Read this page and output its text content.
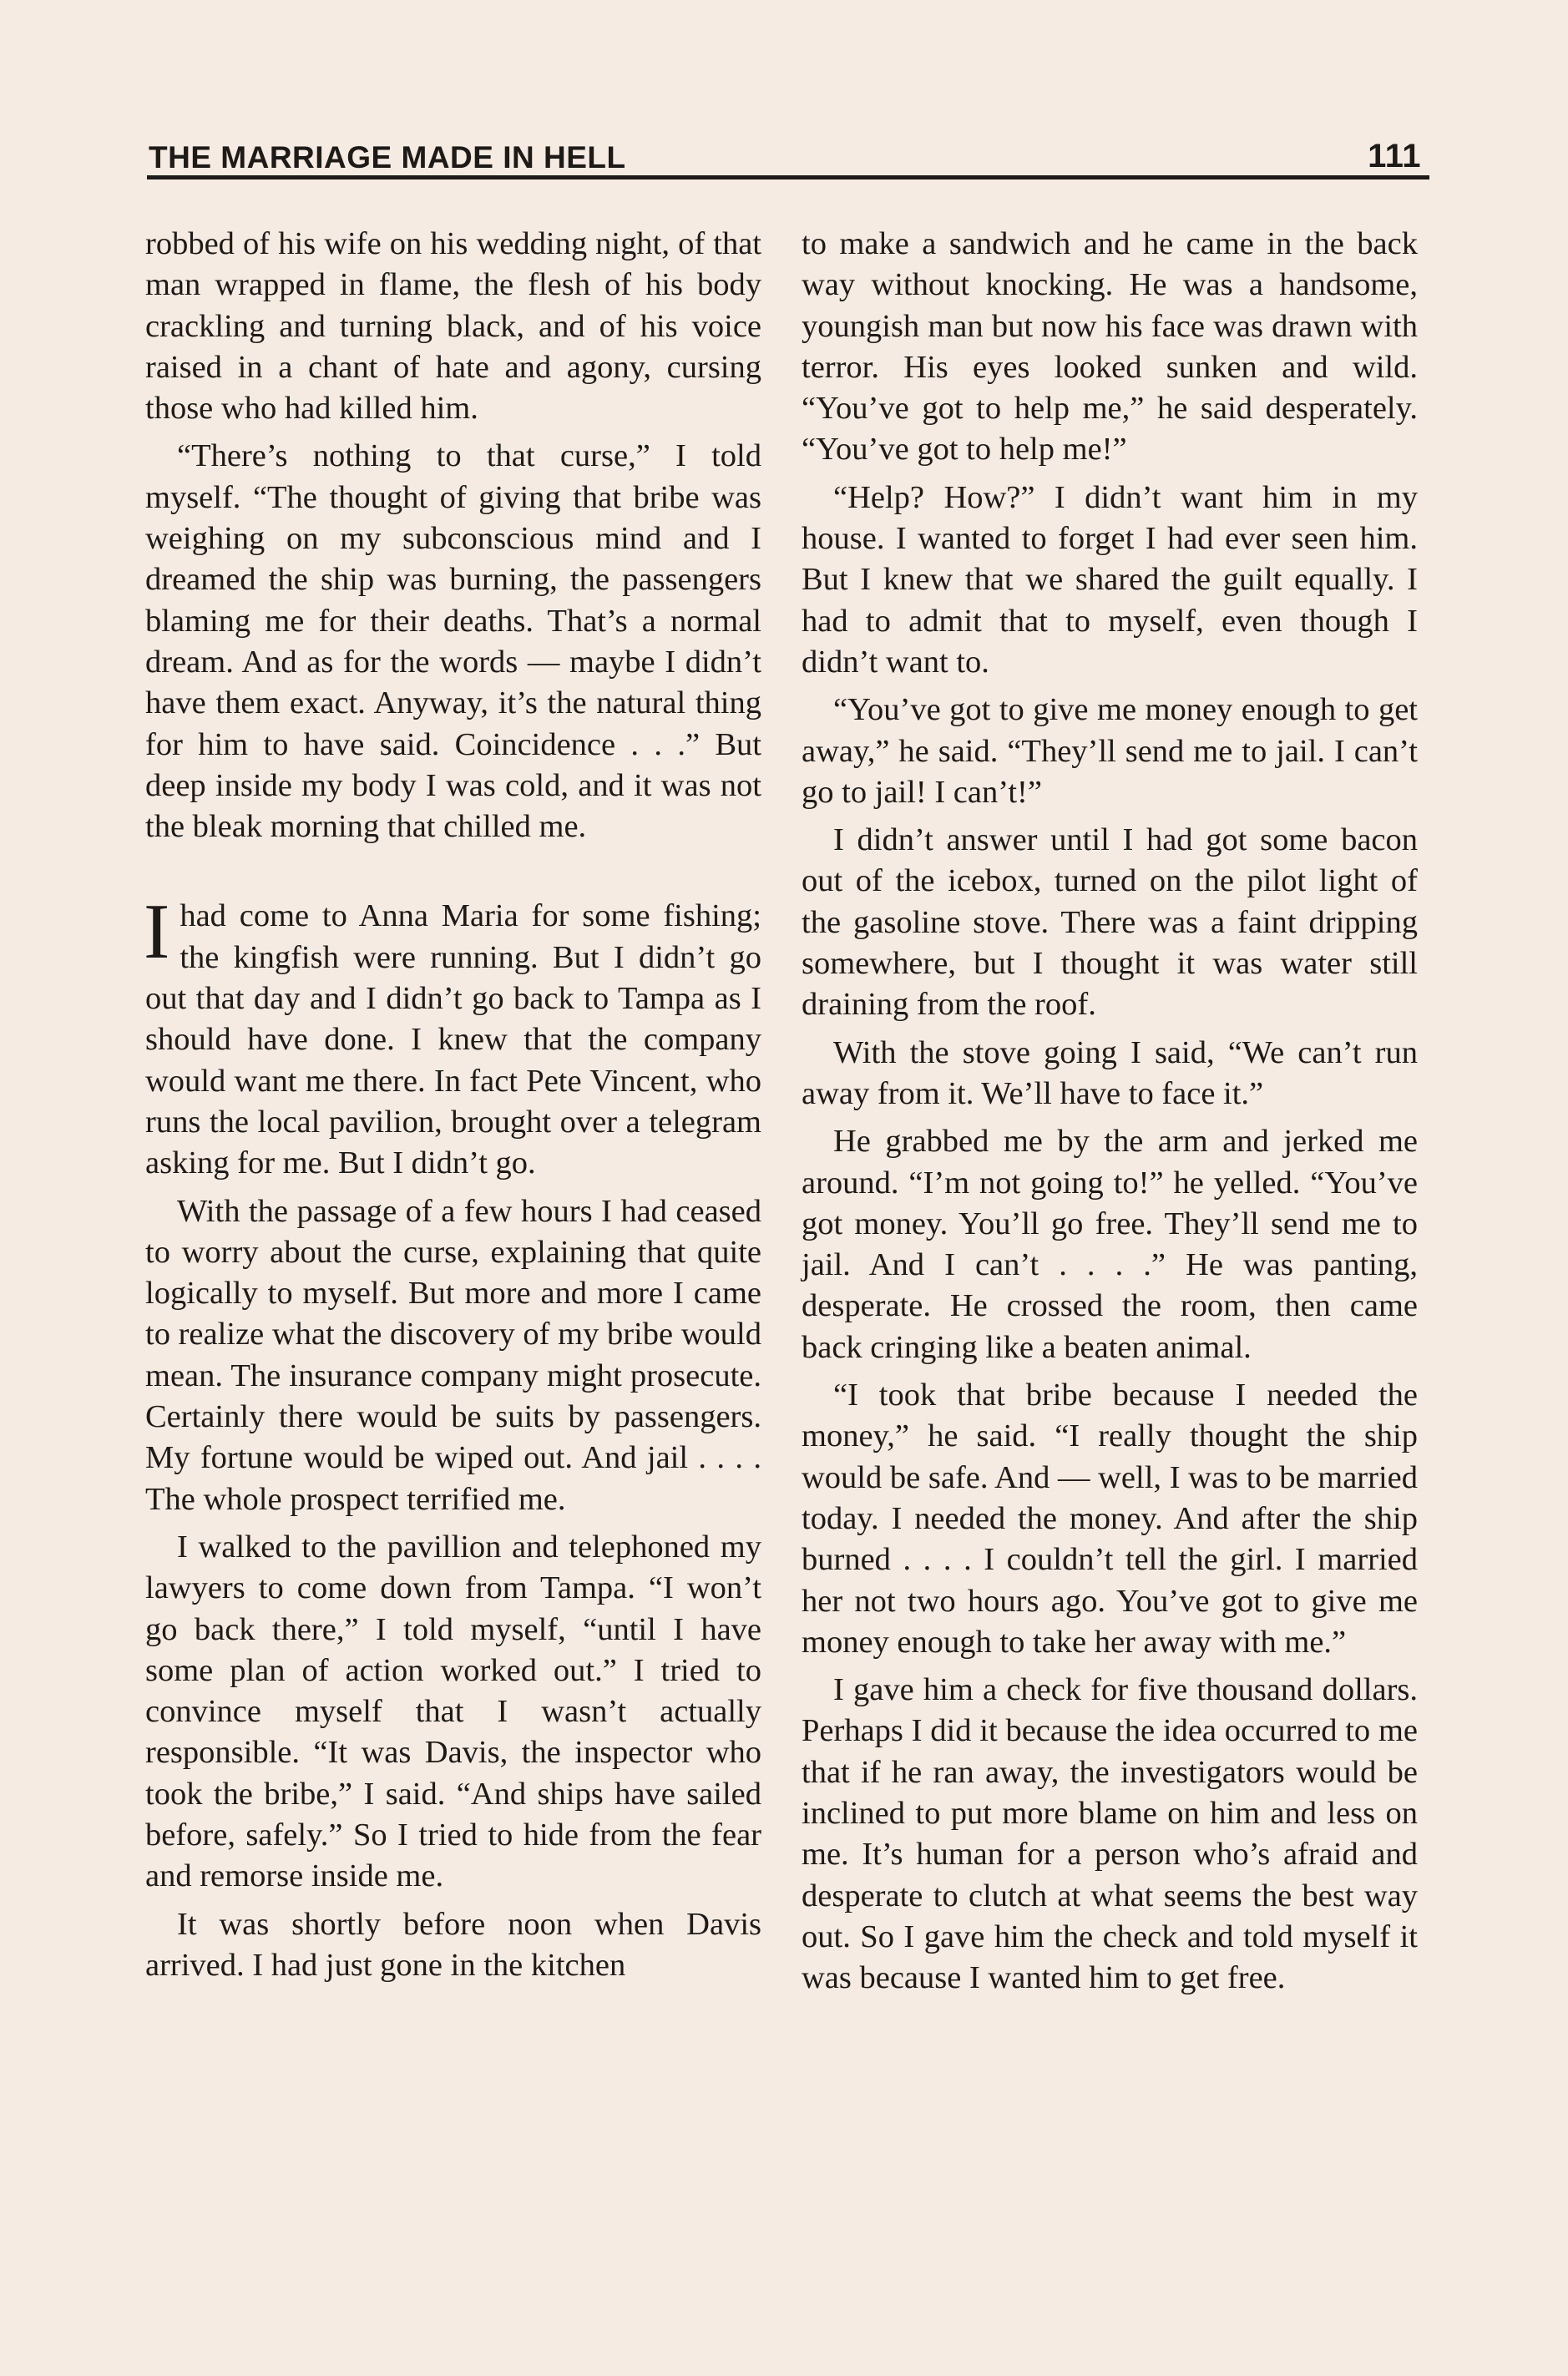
THE MARRIAGE MADE IN HELL	111

robbed of his wife on his wedding night, of that man wrapped in flame, the flesh of his body crackling and turning black, and of his voice raised in a chant of hate and agony, cursing those who had killed him.

“There’s nothing to that curse,” I told myself. “The thought of giving that bribe was weighing on my subconscious mind and I dreamed the ship was burning, the passengers blaming me for their deaths. That’s a normal dream. And as for the words — maybe I didn’t have them exact. Anyway, it’s the natural thing for him to have said. Coincidence . . .” But deep inside my body I was cold, and it was not the bleak morning that chilled me.

Ihad come to Anna Maria for some fishing; the kingfish were running. But I didn’t go out that day and I didn’t go back to Tampa as I should have done. I knew that the company would want me there. In fact Pete Vincent, who runs the local pavilion, brought over a telegram asking for me. But I didn’t go.

With the passage of a few hours I had ceased to worry about the curse, explaining that quite logically to myself. But more and more I came to realize what the discovery of my bribe would mean. The insurance company might prosecute. Certainly there would be suits by passengers. My fortune would be wiped out. And jail . . . . The whole prospect terrified me.

I walked to the pavillion and telephoned my lawyers to come down from Tampa. “I won’t go back there,” I told myself, “until I have some plan of action worked out.” I tried to convince myself that I wasn’t actually responsible. “It was Davis, the inspector who took the bribe,” I said. “And ships have sailed before, safely.” So I tried to hide from the fear and remorse inside me.

It was shortly before noon when Davis arrived. I had just gone in the kitchen

to make a sandwich and he came in the back way without knocking. He was a handsome, youngish man but now his face was drawn with terror. His eyes looked sunken and wild. “You’ve got to help me,” he said desperately. “You’ve got to help me!”

“Help? How?” I didn’t want him in my house. I wanted to forget I had ever seen him. But I knew that we shared the guilt equally. I had to admit that to myself, even though I didn’t want to.

“You’ve got to give me money enough to get away,” he said. “They’ll send me to jail. I can’t go to jail! I can’t!”

I didn’t answer until I had got some bacon out of the icebox, turned on the pilot light of the gasoline stove. There was a faint dripping somewhere, but I thought it was water still draining from the roof.

With the stove going I said, “We can’t run away from it. We’ll have to face it.”

He grabbed me by the arm and jerked me around. “I’m not going to!” he yelled. “You’ve got money. You’ll go free. They’ll send me to jail. And I can’t . . . .” He was panting, desperate. He crossed the room, then came back cringing like a beaten animal.

“I took that bribe because I needed the money,” he said. “I really thought the ship would be safe. And — well, I was to be married today. I needed the money. And after the ship burned . . . . I couldn’t tell the girl. I married her not two hours ago. You’ve got to give me money enough to take her away with me.”

I gave him a check for five thousand dollars. Perhaps I did it because the idea occurred to me that if he ran away, the investigators would be inclined to put more blame on him and less on me. It’s human for a person who’s afraid and desperate to clutch at what seems the best way out. So I gave him the check and told myself it was because I wanted him to get free.
